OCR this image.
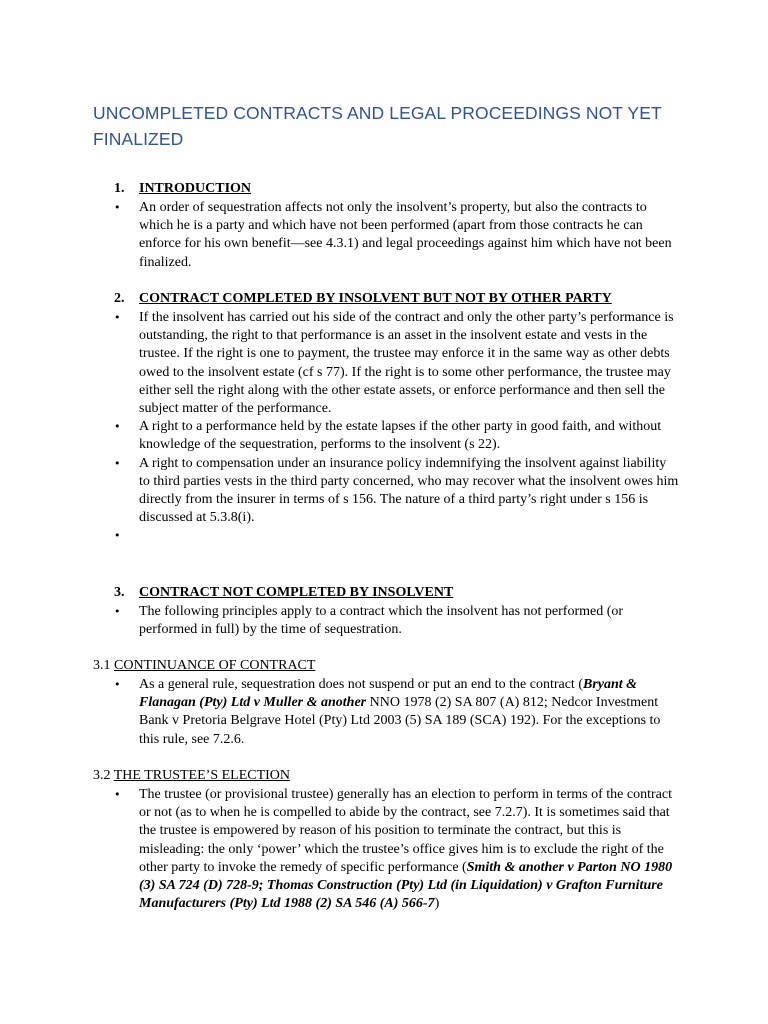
UNCOMPLETED CONTRACTS AND LEGAL PROCEEDINGS NOT YET FINALIZED
1. INTRODUCTION
• An order of sequestration affects not only the insolvent’s property, but also the contracts to which he is a party and which have not been performed (apart from those contracts he can enforce for his own benefit—see 4.3.1) and legal proceedings against him which have not been finalized.
2. CONTRACT COMPLETED BY INSOLVENT BUT NOT BY OTHER PARTY
• If the insolvent has carried out his side of the contract and only the other party’s performance is outstanding, the right to that performance is an asset in the insolvent estate and vests in the trustee. If the right is one to payment, the trustee may enforce it in the same way as other debts owed to the insolvent estate (cf s 77). If the right is to some other performance, the trustee may either sell the right along with the other estate assets, or enforce performance and then sell the subject matter of the performance.
• A right to a performance held by the estate lapses if the other party in good faith, and without knowledge of the sequestration, performs to the insolvent (s 22).
• A right to compensation under an insurance policy indemnifying the insolvent against liability to third parties vests in the third party concerned, who may recover what the insolvent owes him directly from the insurer in terms of s 156. The nature of a third party’s right under s 156 is discussed at 5.3.8(i).
•
3. CONTRACT NOT COMPLETED BY INSOLVENT
• The following principles apply to a contract which the insolvent has not performed (or performed in full) by the time of sequestration.
3.1 CONTINUANCE OF CONTRACT
• As a general rule, sequestration does not suspend or put an end to the contract (Bryant & Flanagan (Pty) Ltd v Muller & another NNO 1978 (2) SA 807 (A) 812; Nedcor Investment Bank v Pretoria Belgrave Hotel (Pty) Ltd 2003 (5) SA 189 (SCA) 192). For the exceptions to this rule, see 7.2.6.
3.2 THE TRUSTEE’S ELECTION
• The trustee (or provisional trustee) generally has an election to perform in terms of the contract or not (as to when he is compelled to abide by the contract, see 7.2.7). It is sometimes said that the trustee is empowered by reason of his position to terminate the contract, but this is misleading: the only ‘power’ which the trustee’s office gives him is to exclude the right of the other party to invoke the remedy of specific performance (Smith & another v Parton NO 1980 (3) SA 724 (D) 728-9; Thomas Construction (Pty) Ltd (in Liquidation) v Grafton Furniture Manufacturers (Pty) Ltd 1988 (2) SA 546 (A) 566-7)
